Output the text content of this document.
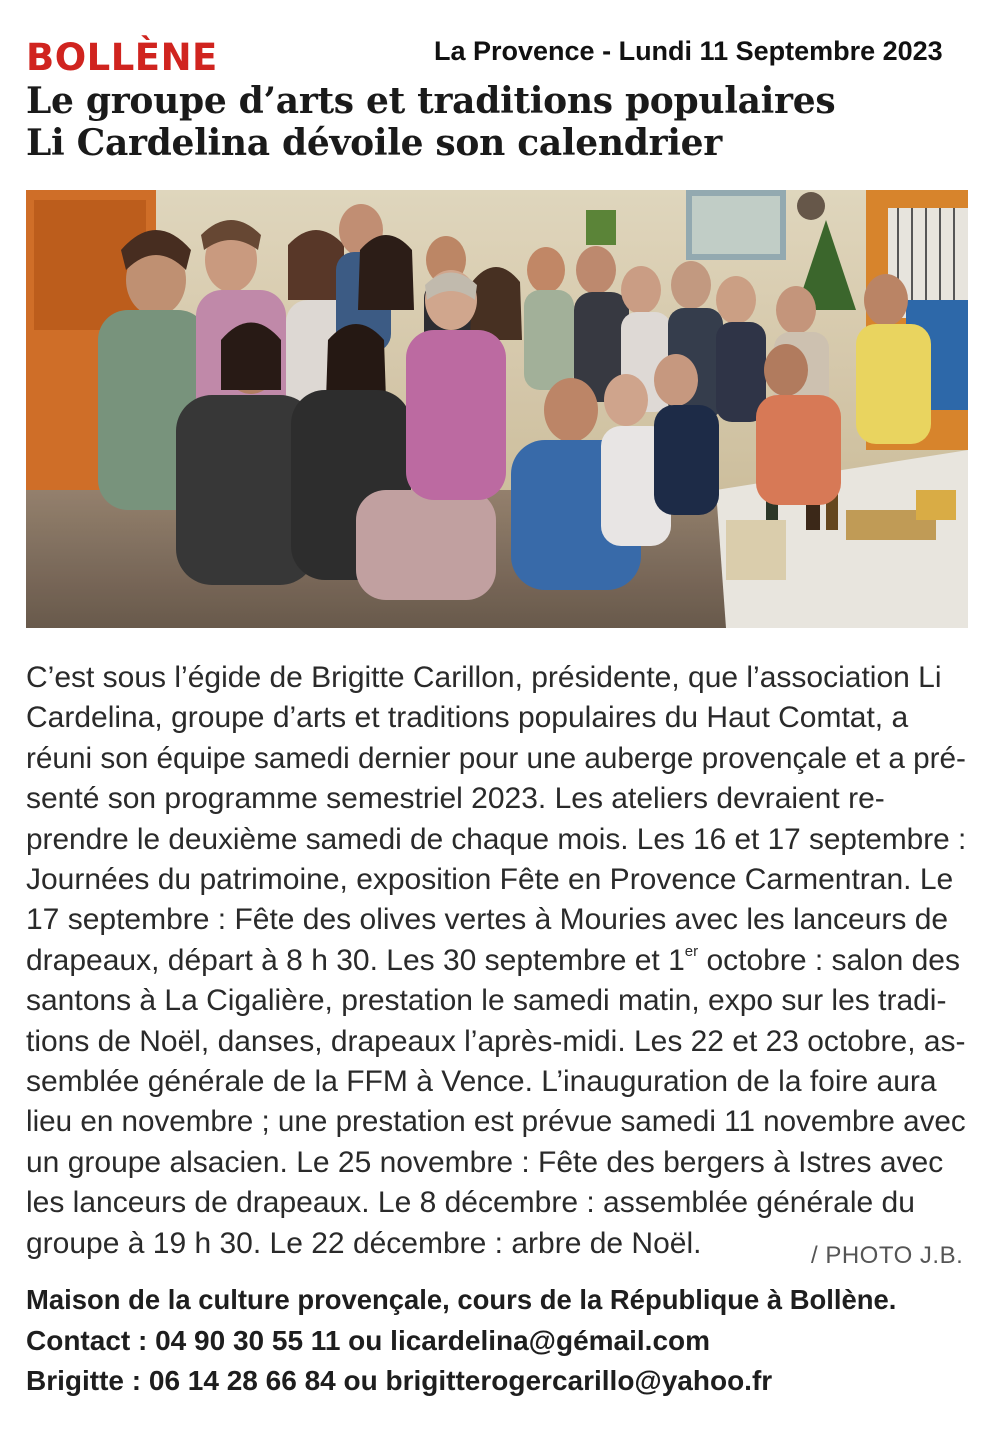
BOLLÈNE	La Provence - Lundi 11 Septembre 2023
Le groupe d’arts et traditions populaires
Li Cardelina dévoile son calendrier
C’est sous l’égide de Brigitte Carillon, présidente, que l’association Li
Cardelina, groupe d’arts et traditions populaires du Haut Comtat, a
réuni son équipe samedi dernier pour une auberge provençale et a pré-
senté son programme semestriel 2023. Les ateliers devraient re-
prendre le deuxième samedi de chaque mois. Les 16 et 17 septembre :
Journées du patrimoine, exposition Fête en Provence Carmentran. Le
17 septembre : Fête des olives vertes à Mouries avec les lanceurs de
drapeaux, départ à 8 h 30. Les 30 septembre et 1er octobre : salon des
santons à La Cigalière, prestation le samedi matin, expo sur les tradi-
tions de Noël, danses, drapeaux l’après-midi. Les 22 et 23 octobre, as-
semblée générale de la FFM à Vence. L’inauguration de la foire aura
lieu en novembre ; une prestation est prévue samedi 11 novembre avec
un groupe alsacien. Le 25 novembre : Fête des bergers à Istres avec
les lanceurs de drapeaux. Le 8 décembre : assemblée générale du
groupe à 19 h 30. Le 22 décembre : arbre de Noël.	/ PHOTO J.B.
Maison de la culture provençale, cours de la République à Bollène.
Contact : 04 90 30 55 11 ou licardelina@gémail.com
Brigitte : 06 14 28 66 84 ou brigitterogercarillo@yahoo.fr
